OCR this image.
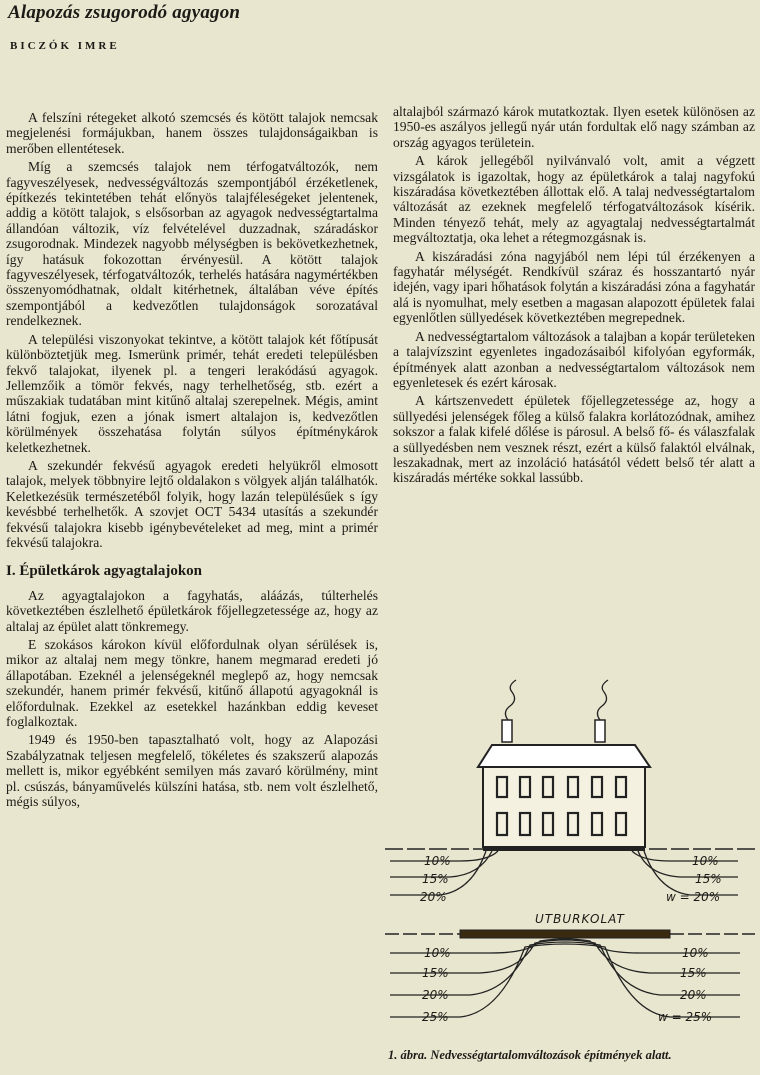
Alapozás zsugorodó agyagon
BICZÓK IMRE

A felszíni rétegeket alkotó szemcsés és kötött talajok nemcsak megjelenési formájukban, hanem összes tulajdonságaikban is merőben ellentétesek.

Míg a szemcsés talajok nem térfogatváltozók, nem fagyveszélyesek, nedvességváltozás szempontjából érzéketlenek, építkezés tekintetében tehát előnyös talajféleségeket jelentenek, addig a kötött talajok, s elsősorban az agyagok nedvességtartalma állandóan változik, víz felvételével duzzadnak, száradáskor zsugorodnak. Mindezek nagyobb mélységben is bekövetkezhetnek, így hatásuk fokozottan érvényesül. A kötött talajok fagyveszélyesek, térfogatváltozók, terhelés hatására nagymértékben összenyomódhatnak, oldalt kitérhetnek, általában véve építés szempontjából a kedvezőtlen tulajdonságok sorozatával rendelkeznek.

A települési viszonyokat tekintve, a kötött talajok két főtípusát különböztetjük meg. Ismerünk primér, tehát eredeti településben fekvő talajokat, ilyenek pl. a tengeri lerakódású agyagok. Jellemzőik a tömör fekvés, nagy terhelhetőség, stb. ezért a műszakiak tudatában mint kitűnő altalaj szerepelnek. Mégis, amint látni fogjuk, ezen a jónak ismert altalajon is, kedvezőtlen körülmények összehatása folytán súlyos építménykárok keletkezhetnek.

A szekundér fekvésű agyagok eredeti helyükről elmosott talajok, melyek többnyire lejtő oldalakon s völgyek alján találhatók. Keletkezésük természetéből folyik, hogy lazán településűek s így kevésbbé terhelhetők. A szovjet OCT 5434 utasítás a szekundér fekvésű talajokra kisebb igénybevételeket ad meg, mint a primér fekvésű talajokra.

I. Épületkárok agyagtalajokon

Az agyagtalajokon a fagyhatás, aláázás, túlterhelés következtében észlelhető épületkárok főjellegzetessége az, hogy az altalaj az épület alatt tönkremegy.

E szokásos károkon kívül előfordulnak olyan sérülések is, mikor az altalaj nem megy tönkre, hanem megmarad eredeti jó állapotában. Ezeknél a jelenségeknél meglepő az, hogy nemcsak szekundér, hanem primér fekvésű, kitűnő állapotú agyagoknál is előfordulnak. Ezekkel az esetekkel hazánkban eddig keveset foglalkoztak.

1949 és 1950-ben tapasztalható volt, hogy az Alapozási Szabályzatnak teljesen megfelelő, tökéletes és szakszerű alapozás mellett is, mikor egyébként semilyen más zavaró körülmény, mint pl. csúszás, bányaművelés külszíni hatása, stb. nem volt észlelhető, mégis súlyos,

altalajból származó károk mutatkoztak. Ilyen esetek különösen az 1950-es aszályos jellegű nyár után fordultak elő nagy számban az ország agyagos területein.

A károk jellegéből nyilvánvaló volt, amit a végzett vizsgálatok is igazoltak, hogy az épületkárok a talaj nagyfokú kiszáradása következtében állottak elő. A talaj nedvességtartalom változását az ezeknek megfelelő térfogatváltozások kísérik. Minden tényező tehát, mely az agyagtalaj nedvességtartalmát megváltoztatja, oka lehet a rétegmozgásnak is.

A kiszáradási zóna nagyjából nem lépi túl érzékenyen a fagyhatár mélységét. Rendkívül száraz és hosszantartó nyár idején, vagy ipari hőhatások folytán a kiszáradási zóna a fagyhatár alá is nyomulhat, mely esetben a magasan alapozott épületek falai egyenlőtlen süllyedések következtében megrepednek.

A nedvességtartalom változások a talajban a kopár területeken a talajvízszint egyenletes ingadozásaiból kifolyóan egyformák, építmények alatt azonban a nedvességtartalom változások nem egyenletesek és ezért károsak.

A kártszenvedett épületek főjellegzetessége az, hogy a süllyedési jelenségek főleg a külső falakra korlátozódnak, amihez sokszor a falak kifelé dőlése is párosul. A belső fő- és válaszfalak a süllyedésben nem vesznek részt, ezért a külső falaktól elválnak, leszakadnak, mert az inzoláció hatásától védett belső tér alatt a kiszáradás mértéke sokkal lassúbb.

10%
15%
20%
10%
15%
w = 20%
UTBURKOLAT
10%
15%
20%
25%
10%
15%
20%
w = 25%
1. ábra. Nedvességtartalomváltozások építmények alatt.
